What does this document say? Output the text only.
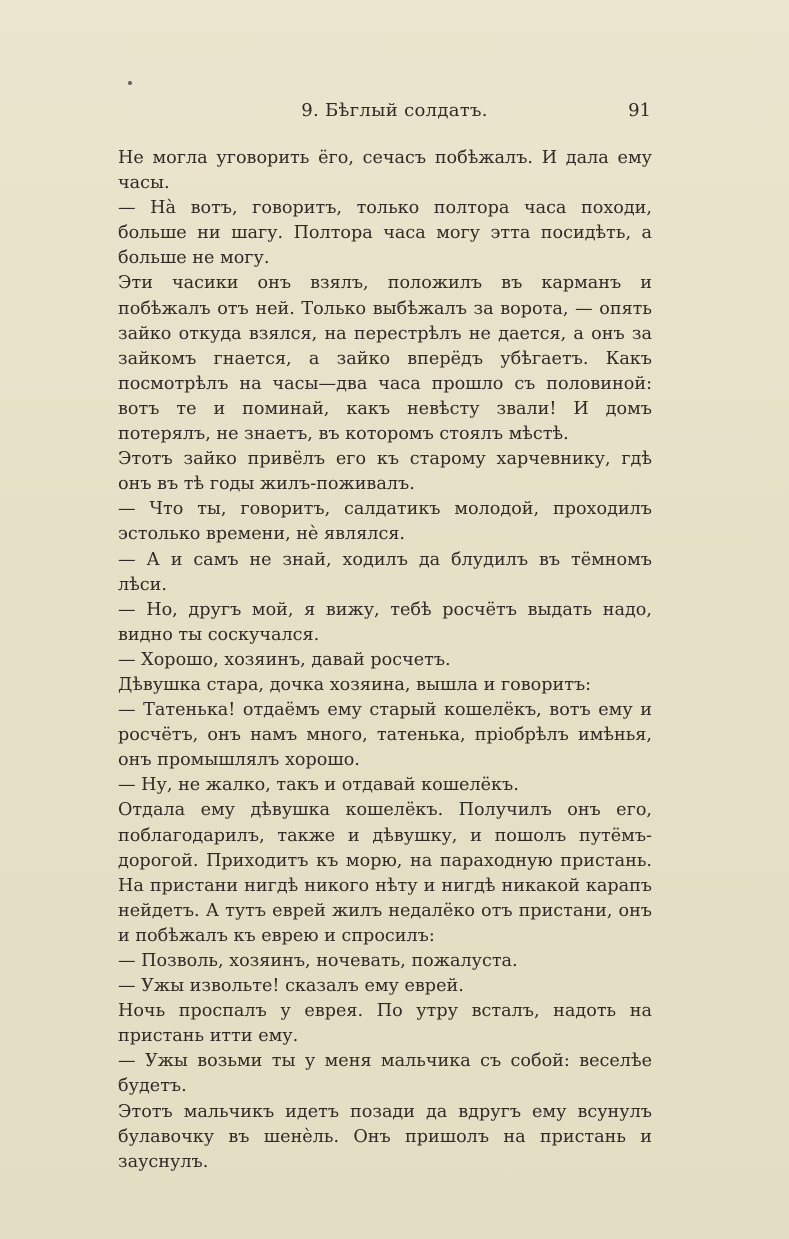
9. Бѣглый солдатъ.	91

Не могла уговорить ёго, сечасъ побѣжалъ. И дала ему часы.

— На̀ вотъ, говоритъ, только полтора часа походи, больше ни шагу. Полтора часа могу этта посидѣть, а больше не могу.

Эти часики онъ взялъ, положилъ въ карманъ и побѣжалъ отъ ней. Только выбѣжалъ за ворота, — опять зайко откуда взялся, на перестрѣлъ не дается, а онъ за зайкомъ гнается, а зайко вперёдъ убѣгаетъ. Какъ посмотрѣлъ на часы—два часа прошло съ половиной: вотъ те и поминай, какъ невѣсту звали! И домъ потерялъ, не знаетъ, въ которомъ стоялъ мѣстѣ.

Этотъ зайко привёлъ его къ старому харчевнику, гдѣ онъ въ тѣ годы жилъ-поживалъ.

— Что ты, говоритъ, салдатикъ молодой, проходилъ эстолько времени, нѐ являлся.

— А и самъ не знай, ходилъ да блудилъ въ тёмномъ лѣси.

— Но, другъ мой, я вижу, тебѣ росчётъ выдать надо, видно ты соскучался.

— Хорошо, хозяинъ, давай росчетъ.

Дѣвушка стара, дочка хозяина, вышла и говоритъ:

— Татенька! отдаёмъ ему старый кошелёкъ, вотъ ему и росчётъ, онъ намъ много, татенька, пріобрѣлъ имѣнья, онъ промышлялъ хорошо.

— Ну, не жалко, такъ и отдавай кошелёкъ.

Отдала ему дѣвушка кошелёкъ. Получилъ онъ его, поблагодарилъ, также и дѣвушку, и пошолъ путёмъ-дорогой. Приходитъ къ морю, на параходную пристань. На пристани нигдѣ никого нѣту и нигдѣ никакой карапъ нейдетъ. А тутъ еврей жилъ недалёко отъ пристани, онъ и побѣжалъ къ еврею и спросилъ:

— Позволь, хозяинъ, ночевать, пожалуста.

— Ужы извольте! сказалъ ему еврей.

Ночь проспалъ у еврея. По утру всталъ, надоть на пристань итти ему.

— Ужы возьми ты у меня мальчика съ собой: веселѣе будетъ.

Этотъ мальчикъ идетъ позади да вдругъ ему всунулъ булавочку въ шенѐль. Онъ пришолъ на пристань и зауснулъ.
